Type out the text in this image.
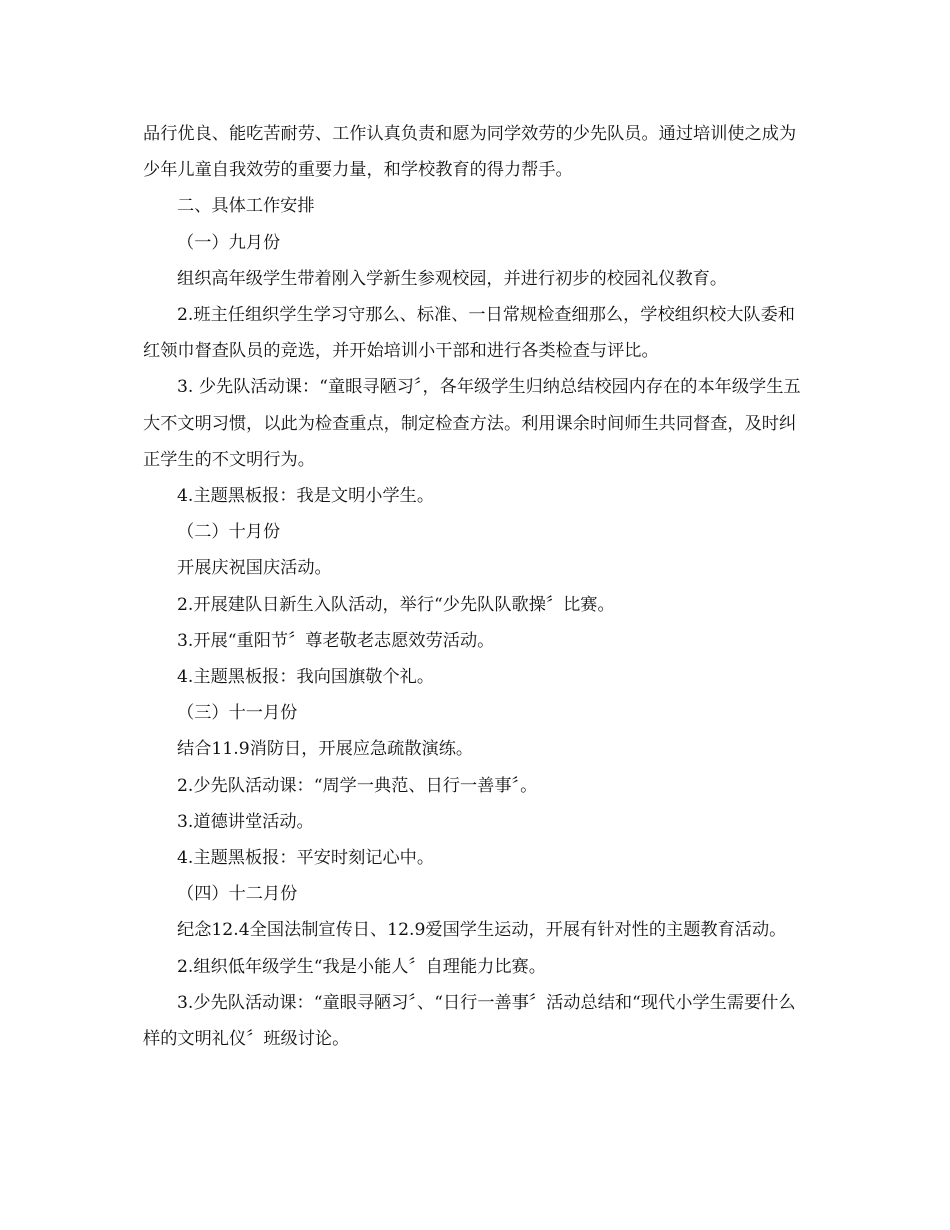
品行优良、能吃苦耐劳、工作认真负责和愿为同学效劳的少先队员。通过培训使之成为少年儿童自我效劳的重要力量，和学校教育的得力帮手。

二、具体工作安排

（一）九月份

组织高年级学生带着刚入学新生参观校园，并进行初步的校园礼仪教育。

2.班主任组织学生学习守那么、标准、一日常规检查细那么，学校组织校大队委和红领巾督查队员的竞选，并开始培训小干部和进行各类检查与评比。

3. 少先队活动课：“童眼寻陋习〞，各年级学生归纳总结校园内存在的本年级学生五大不文明习惯，以此为检查重点，制定检查方法。利用课余时间师生共同督查，及时纠正学生的不文明行为。

4.主题黑板报：我是文明小学生。

（二）十月份

开展庆祝国庆活动。

2.开展建队日新生入队活动，举行“少先队队歌操〞比赛。

3.开展“重阳节〞尊老敬老志愿效劳活动。

4.主题黑板报：我向国旗敬个礼。

（三）十一月份

结合11.9消防日，开展应急疏散演练。

2.少先队活动课：“周学一典范、日行一善事〞。

3.道德讲堂活动。

4.主题黑板报：平安时刻记心中。

（四）十二月份

纪念12.4全国法制宣传日、12.9爱国学生运动，开展有针对性的主题教育活动。

2.组织低年级学生“我是小能人〞自理能力比赛。

3.少先队活动课：“童眼寻陋习〞、“日行一善事〞活动总结和“现代小学生需要什么样的文明礼仪〞班级讨论。
